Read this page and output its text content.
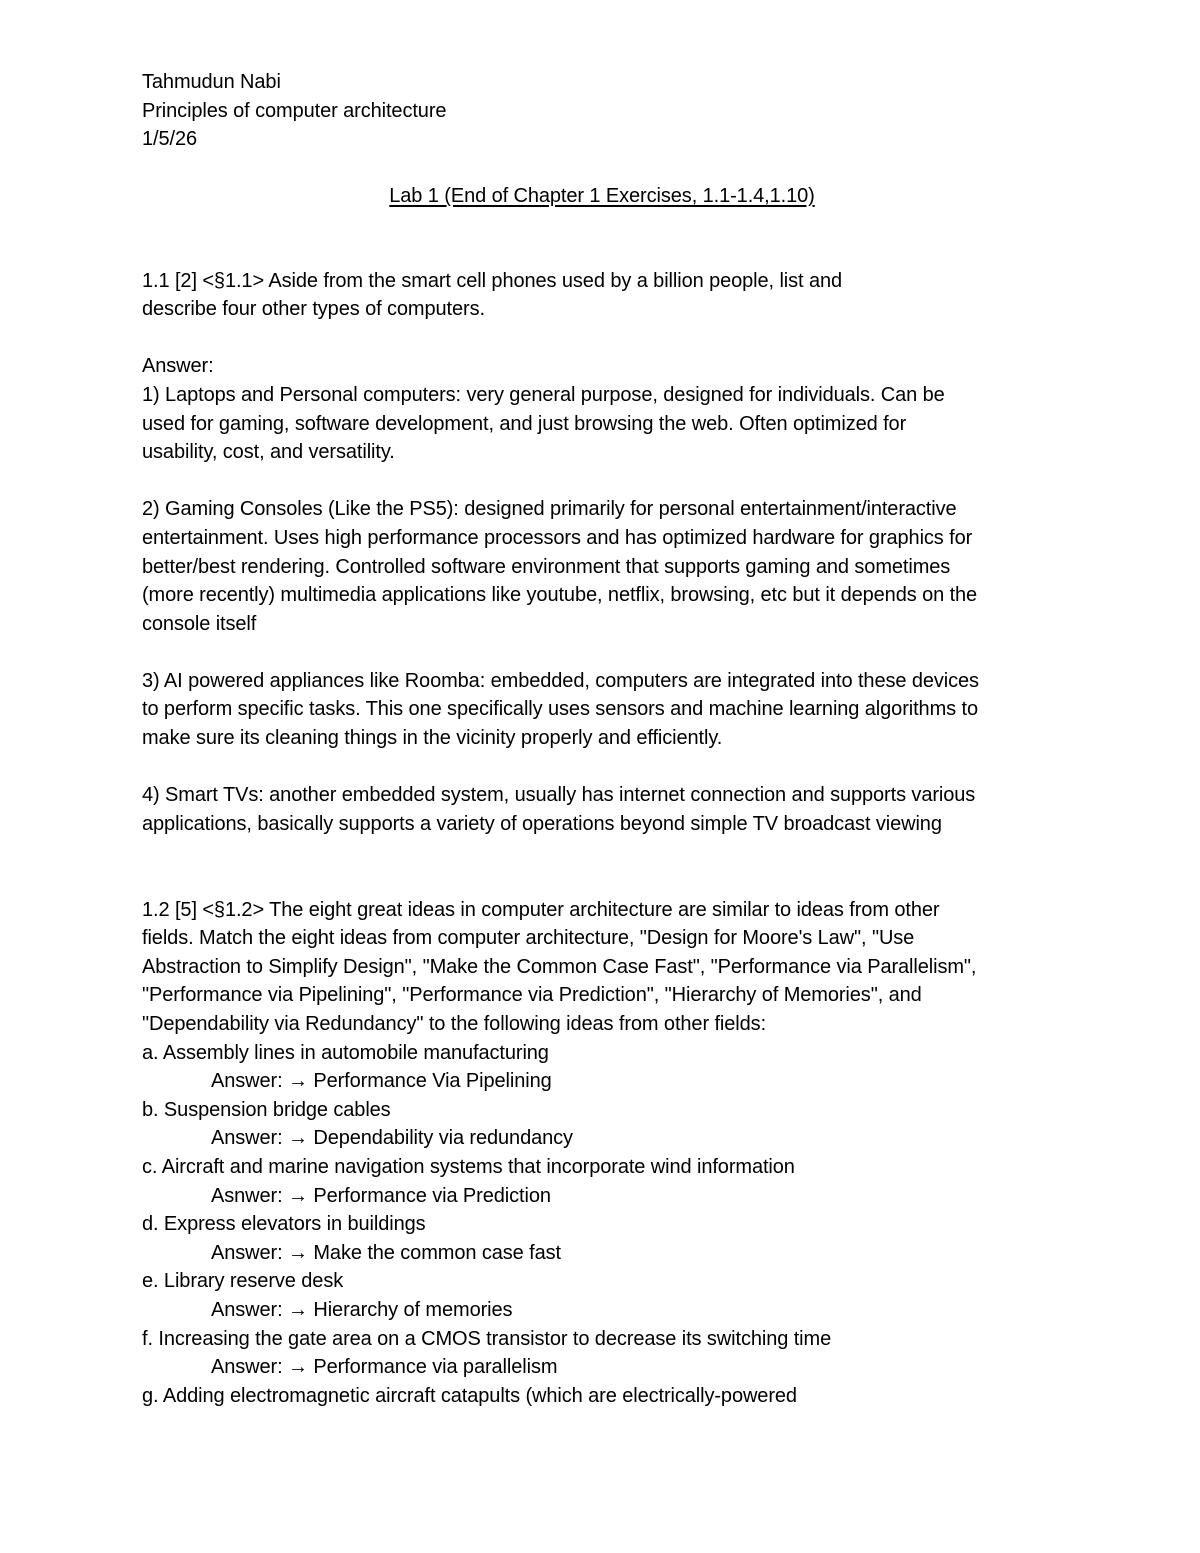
Tahmudun Nabi
Principles of computer architecture
1/5/26
Lab 1 (End of Chapter 1 Exercises, 1.1-1.4,1.10)
1.1 [2] <§1.1> Aside from the smart cell phones used by a billion people, list and
describe four other types of computers.
Answer:
1) Laptops and Personal computers: very general purpose, designed for individuals. Can be
used for gaming, software development, and just browsing the web. Often optimized for
usability, cost, and versatility.
2) Gaming Consoles (Like the PS5): designed primarily for personal entertainment/interactive
entertainment. Uses high performance processors and has optimized hardware for graphics for
better/best rendering. Controlled software environment that supports gaming and sometimes
(more recently) multimedia applications like youtube, netflix, browsing, etc but it depends on the
console itself
3) AI powered appliances like Roomba: embedded, computers are integrated into these devices
to perform specific tasks. This one specifically uses sensors and machine learning algorithms to
make sure its cleaning things in the vicinity properly and efficiently.
4) Smart TVs: another embedded system, usually has internet connection and supports various
applications, basically supports a variety of operations beyond simple TV broadcast viewing
1.2 [5] <§1.2> The eight great ideas in computer architecture are similar to ideas from other
fields. Match the eight ideas from computer architecture, "Design for Moore's Law", "Use
Abstraction to Simplify Design", "Make the Common Case Fast", "Performance via Parallelism",
"Performance via Pipelining", "Performance via Prediction", "Hierarchy of Memories", and
"Dependability via Redundancy" to the following ideas from other fields:
a. Assembly lines in automobile manufacturing
Answer: → Performance Via Pipelining
b. Suspension bridge cables
Answer: → Dependability via redundancy
c. Aircraft and marine navigation systems that incorporate wind information
Asnwer: → Performance via Prediction
d. Express elevators in buildings
Answer: → Make the common case fast
e. Library reserve desk
Answer: → Hierarchy of memories
f. Increasing the gate area on a CMOS transistor to decrease its switching time
Answer: → Performance via parallelism
g. Adding electromagnetic aircraft catapults (which are electrically-powered
